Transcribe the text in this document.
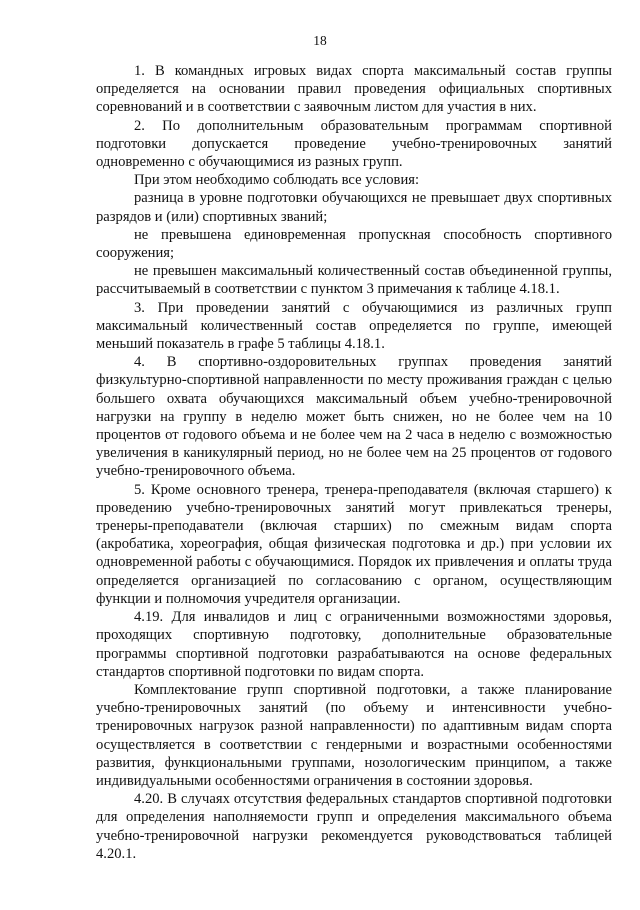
18

1. В командных игровых видах спорта максимальный состав группы определяется на основании правил проведения официальных спортивных соревнований и в соответствии с заявочным листом для участия в них.

2. По дополнительным образовательным программам спортивной подготовки допускается проведение учебно-тренировочных занятий одновременно с обучающимися из разных групп.

При этом необходимо соблюдать все условия:

разница в уровне подготовки обучающихся не превышает двух спортивных разрядов и (или) спортивных званий;

не превышена единовременная пропускная способность спортивного сооружения;

не превышен максимальный количественный состав объединенной группы, рассчитываемый в соответствии с пунктом 3 примечания к таблице 4.18.1.

3. При проведении занятий с обучающимися из различных групп максимальный количественный состав определяется по группе, имеющей меньший показатель в графе 5 таблицы 4.18.1.

4. В спортивно-оздоровительных группах проведения занятий физкультурно-спортивной направленности по месту проживания граждан с целью большего охвата обучающихся максимальный объем учебно-тренировочной нагрузки на группу в неделю может быть снижен, но не более чем на 10 процентов от годового объема и не более чем на 2 часа в неделю с возможностью увеличения в каникулярный период, но не более чем на 25 процентов от годового учебно-тренировочного объема.

5. Кроме основного тренера, тренера-преподавателя (включая старшего) к проведению учебно-тренировочных занятий могут привлекаться тренеры, тренеры-преподаватели (включая старших) по смежным видам спорта (акробатика, хореография, общая физическая подготовка и др.) при условии их одновременной работы с обучающимися. Порядок их привлечения и оплаты труда определяется организацией по согласованию с органом, осуществляющим функции и полномочия учредителя организации.

4.19. Для инвалидов и лиц с ограниченными возможностями здоровья, проходящих спортивную подготовку, дополнительные образовательные программы спортивной подготовки разрабатываются на основе федеральных стандартов спортивной подготовки по видам спорта.

Комплектование групп спортивной подготовки, а также планирование учебно-тренировочных занятий (по объему и интенсивности учебно-тренировочных нагрузок разной направленности) по адаптивным видам спорта осуществляется в соответствии с гендерными и возрастными особенностями развития, функциональными группами, нозологическим принципом, а также индивидуальными особенностями ограничения в состоянии здоровья.

4.20. В случаях отсутствия федеральных стандартов спортивной подготовки для определения наполняемости групп и определения максимального объема учебно-тренировочной нагрузки рекомендуется руководствоваться таблицей 4.20.1.
